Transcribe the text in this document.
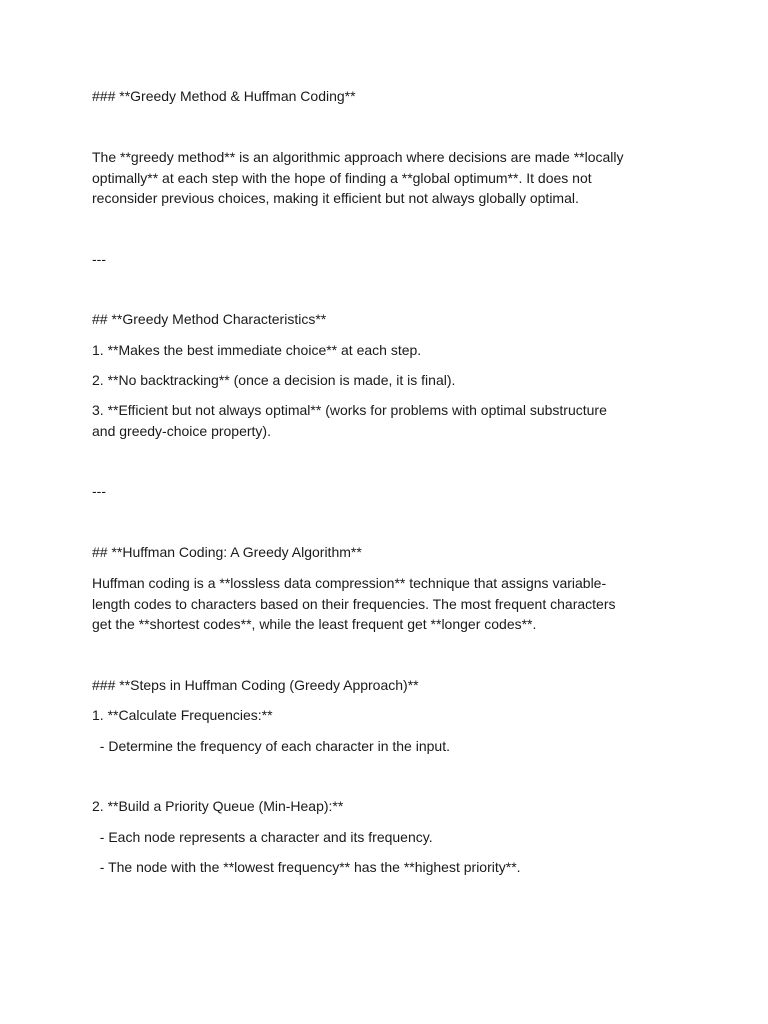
### **Greedy Method & Huffman Coding**

The **greedy method** is an algorithmic approach where decisions are made **locally
optimally** at each step with the hope of finding a **global optimum**. It does not
reconsider previous choices, making it efficient but not always globally optimal.

---

## **Greedy Method Characteristics**

1. **Makes the best immediate choice** at each step.

2. **No backtracking** (once a decision is made, it is final).

3. **Efficient but not always optimal** (works for problems with optimal substructure
and greedy-choice property).

---

## **Huffman Coding: A Greedy Algorithm**

Huffman coding is a **lossless data compression** technique that assigns variable-
length codes to characters based on their frequencies. The most frequent characters
get the **shortest codes**, while the least frequent get **longer codes**.

### **Steps in Huffman Coding (Greedy Approach)**

1. **Calculate Frequencies:**

- Determine the frequency of each character in the input.

2. **Build a Priority Queue (Min-Heap):**

- Each node represents a character and its frequency.

- The node with the **lowest frequency** has the **highest priority**.
